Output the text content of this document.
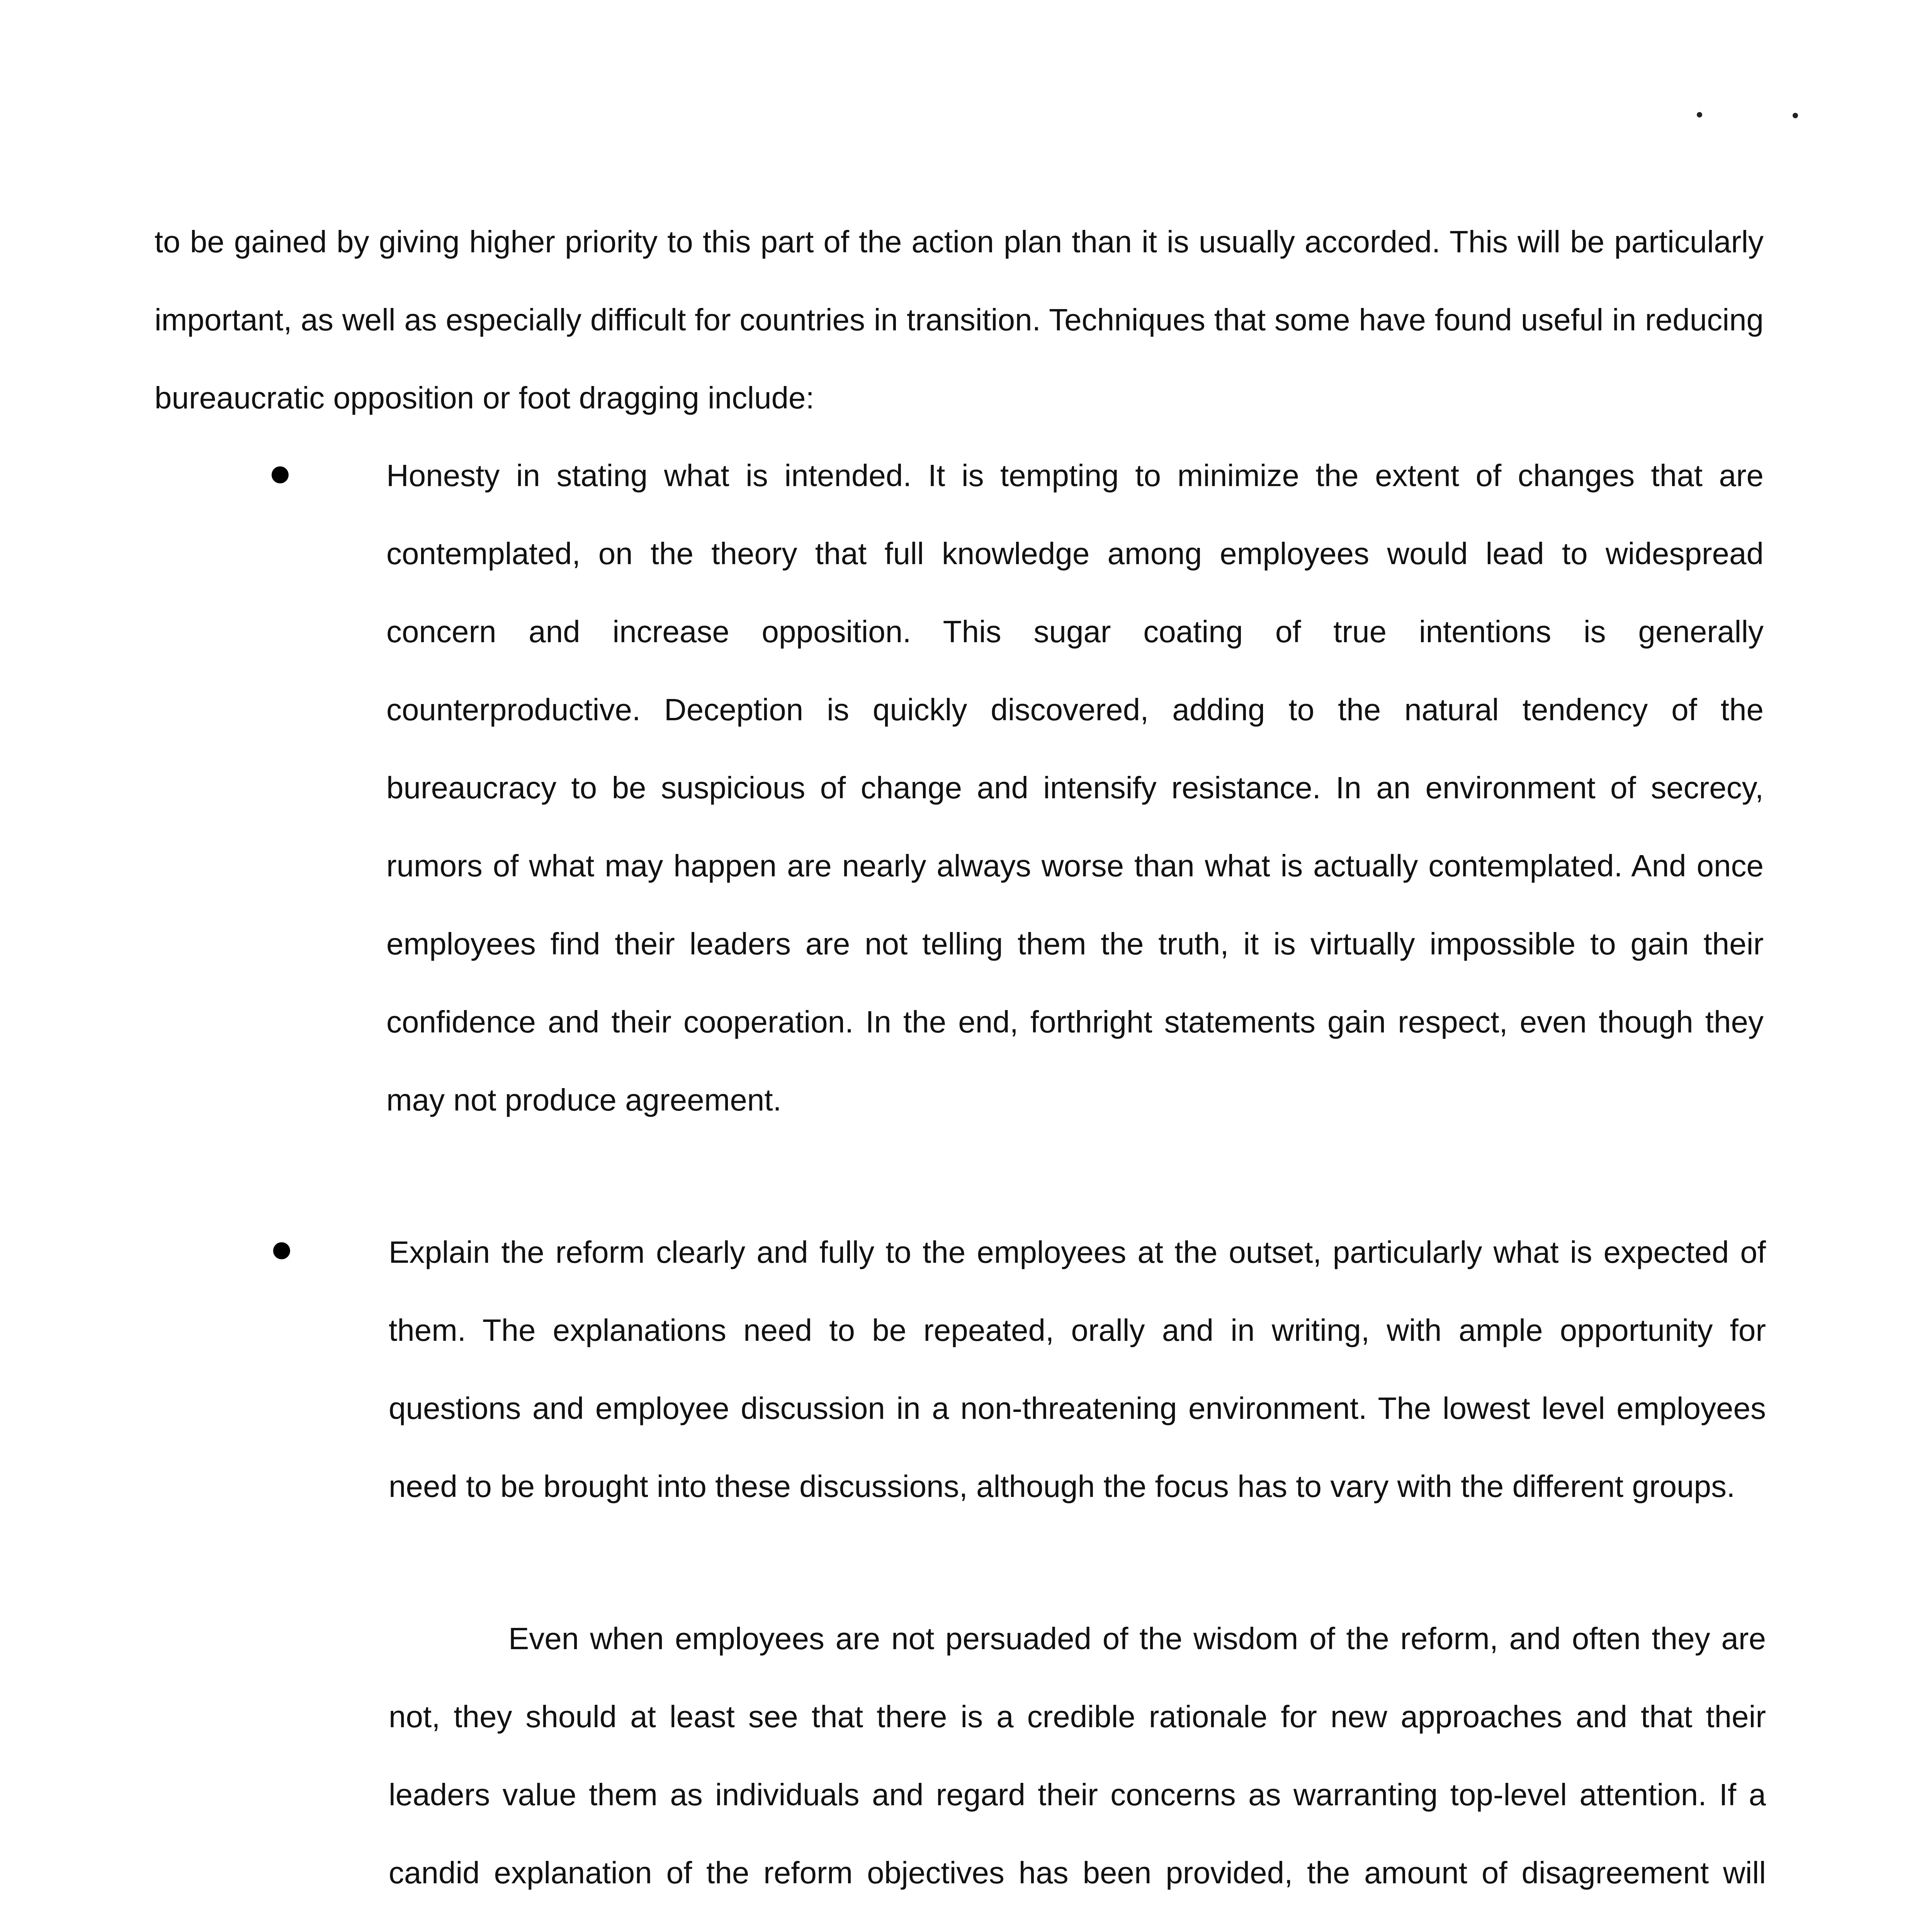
to be gained by giving higher priority to this part of the action plan than it is usually accorded. This will be particularly important, as well as especially difficult for countries in transition. Techniques that some have found useful in reducing bureaucratic opposition or foot dragging include:

Honesty in stating what is intended. It is tempting to minimize the extent of changes that are contemplated, on the theory that full knowledge among employees would lead to widespread concern and increase opposition. This sugar coating of true intentions is generally counterproductive. Deception is quickly discovered, adding to the natural tendency of the bureaucracy to be suspicious of change and intensify resistance. In an environment of secrecy, rumors of what may happen are nearly always worse than what is actually contemplated. And once employees find their leaders are not telling them the truth, it is virtually impossible to gain their confidence and their cooperation. In the end, forthright statements gain respect, even though they may not produce agreement.

Explain the reform clearly and fully to the employees at the outset, particularly what is expected of them. The explanations need to be repeated, orally and in writing, with ample opportunity for questions and employee discussion in a non-threatening environment. The lowest level employees need to be brought into these discussions, although the focus has to vary with the different groups.

Even when employees are not persuaded of the wisdom of the reform, and often they are not, they should at least see that there is a credible rationale for new approaches and that their leaders value them as individuals and regard their concerns as warranting top-level attention. If a candid explanation of the reform objectives has been provided, the amount of disagreement will
